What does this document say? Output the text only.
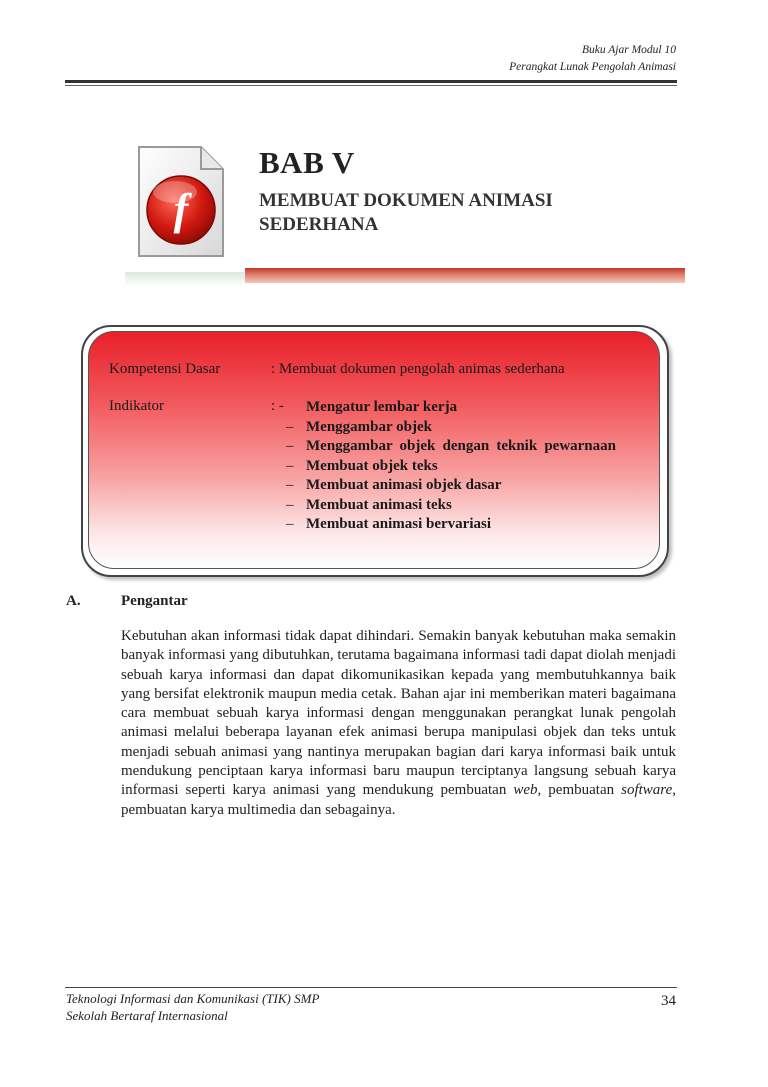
Buku Ajar Modul 10
Perangkat Lunak Pengolah Animasi
f
BAB V
MEMBUAT DOKUMEN ANIMASI SEDERHANA
Kompetensi Dasar	: Membuat dokumen pengolah animas sederhana
Indikator	: - Mengatur lembar kerja
– Menggambar objek
– Menggambar objek dengan teknik pewarnaan
– Membuat objek teks
– Membuat animasi objek dasar
– Membuat animasi teks
– Membuat animasi bervariasi
A.	Pengantar
Kebutuhan akan informasi tidak dapat dihindari. Semakin banyak kebutuhan maka semakin banyak informasi yang dibutuhkan, terutama bagaimana informasi tadi dapat diolah menjadi sebuah karya informasi dan dapat dikomunikasikan kepada yang membutuhkannya baik yang bersifat elektronik maupun media cetak. Bahan ajar ini memberikan materi bagaimana cara membuat sebuah karya informasi dengan menggunakan perangkat lunak pengolah animasi melalui beberapa layanan efek animasi berupa manipulasi objek dan teks untuk menjadi sebuah animasi yang nantinya merupakan bagian dari karya informasi baik untuk mendukung penciptaan karya informasi baru maupun terciptanya langsung sebuah karya informasi seperti karya animasi yang mendukung pembuatan web, pembuatan software, pembuatan karya multimedia dan sebagainya.
Teknologi Informasi dan Komunikasi (TIK) SMP
Sekolah Bertaraf Internasional
34
